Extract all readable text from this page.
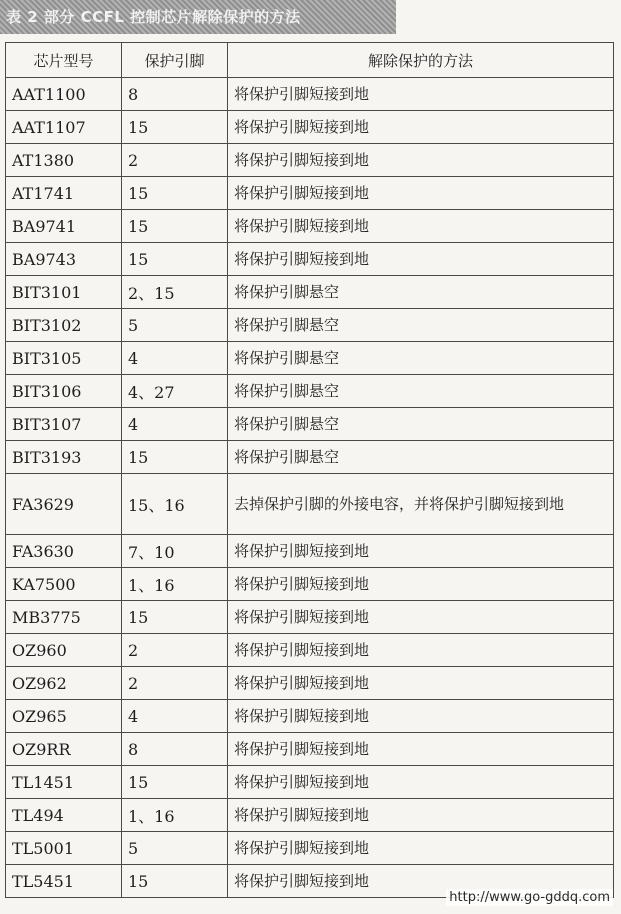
表 2 部分 CCFL 控制芯片解除保护的方法
芯片型号	保护引脚	解除保护的方法
AAT1100	8	将保护引脚短接到地
AAT1107	15	将保护引脚短接到地
AT1380	2	将保护引脚短接到地
AT1741	15	将保护引脚短接到地
BA9741	15	将保护引脚短接到地
BA9743	15	将保护引脚短接到地
BIT3101	2、15	将保护引脚悬空
BIT3102	5	将保护引脚悬空
BIT3105	4	将保护引脚悬空
BIT3106	4、27	将保护引脚悬空
BIT3107	4	将保护引脚悬空
BIT3193	15	将保护引脚悬空
FA3629	15、16	去掉保护引脚的外接电容，并将保护引脚短接到地
FA3630	7、10	将保护引脚短接到地
KA7500	1、16	将保护引脚短接到地
MB3775	15	将保护引脚短接到地
OZ960	2	将保护引脚短接到地
OZ962	2	将保护引脚短接到地
OZ965	4	将保护引脚短接到地
OZ9RR	8	将保护引脚短接到地
TL1451	15	将保护引脚短接到地
TL494	1、16	将保护引脚短接到地
TL5001	5	将保护引脚短接到地
TL5451	15	将保护引脚短接到地
http://www.go-gddq.com
